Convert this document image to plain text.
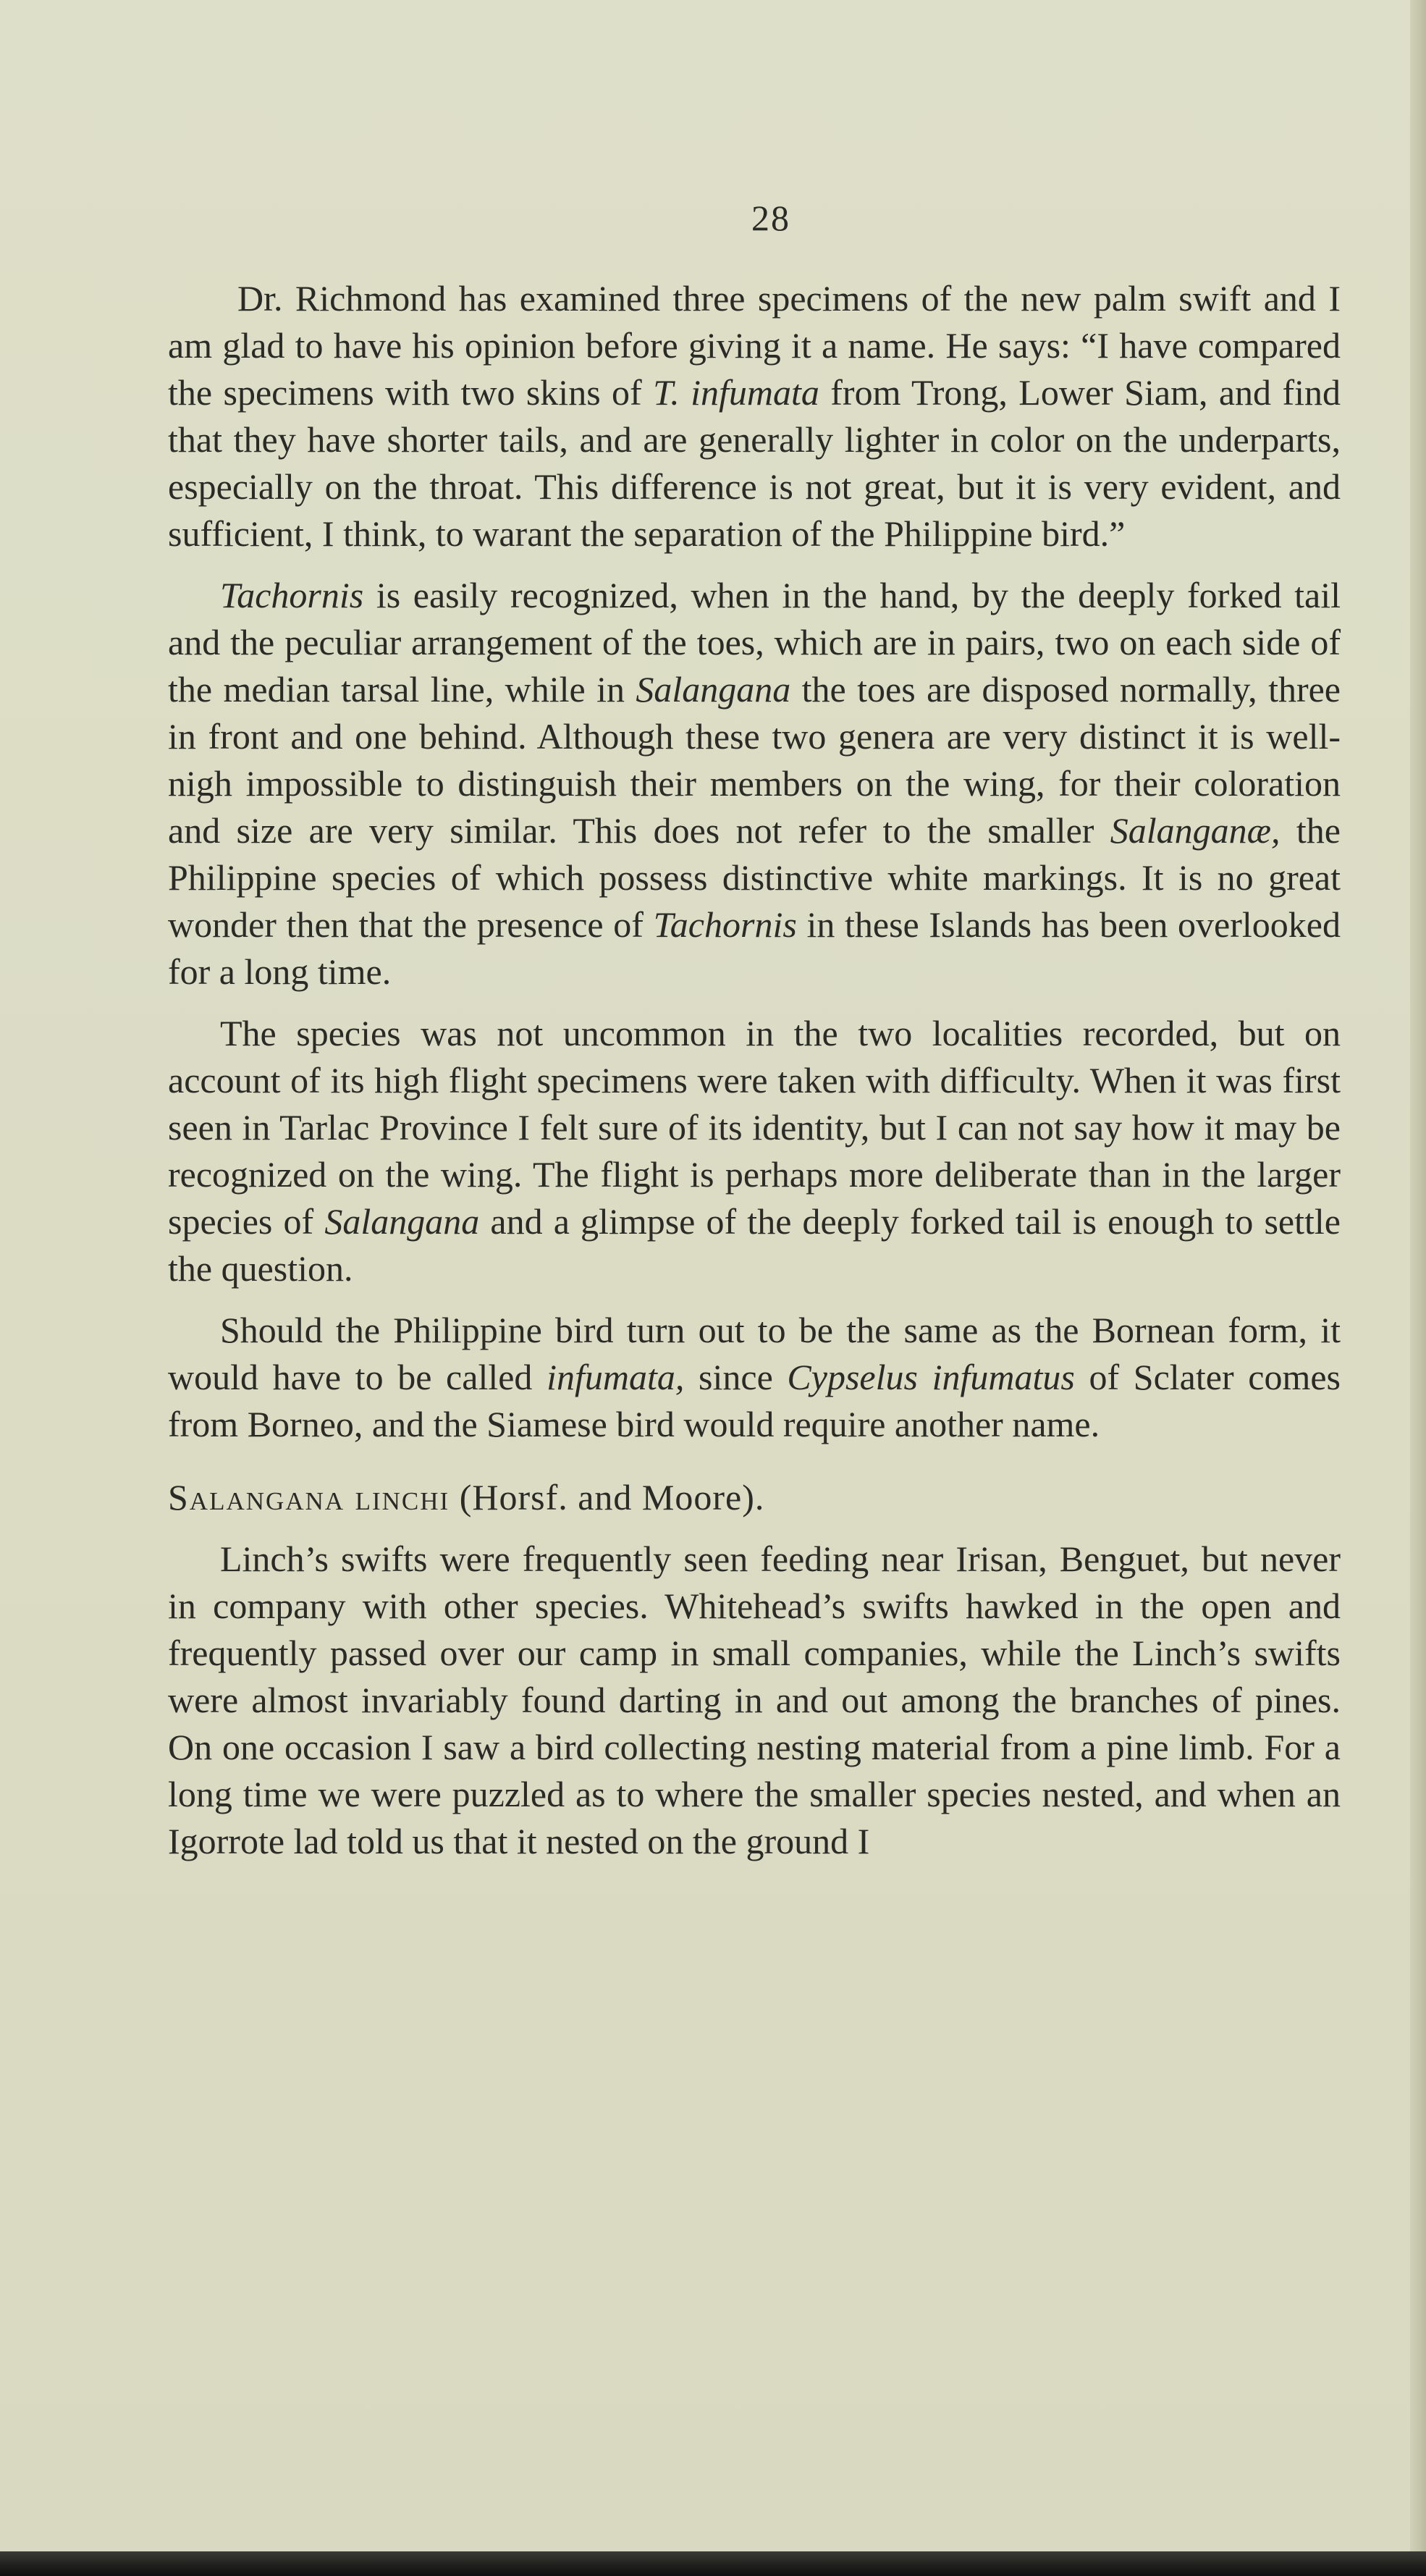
28

Dr. Richmond has examined three specimens of the new palm swift and I am glad to have his opinion before giving it a name. He says: “I have compared the specimens with two skins of T. infumata from Trong, Lower Siam, and find that they have shorter tails, and are generally lighter in color on the underparts, especially on the throat. This difference is not great, but it is very evident, and sufficient, I think, to warant the separation of the Philippine bird.”

Tachornis is easily recognized, when in the hand, by the deeply forked tail and the peculiar arrangement of the toes, which are in pairs, two on each side of the median tarsal line, while in Salangana the toes are disposed normally, three in front and one behind. Although these two genera are very distinct it is well-nigh impossible to distinguish their members on the wing, for their coloration and size are very similar. This does not refer to the smaller Salanganæ, the Philippine species of which possess distinctive white markings. It is no great wonder then that the presence of Tachornis in these Islands has been overlooked for a long time.

The species was not uncommon in the two localities recorded, but on account of its high flight specimens were taken with difficulty. When it was first seen in Tarlac Province I felt sure of its identity, but I can not say how it may be recognized on the wing. The flight is perhaps more deliberate than in the larger species of Salangana and a glimpse of the deeply forked tail is enough to settle the question.

Should the Philippine bird turn out to be the same as the Bornean form, it would have to be called infumata, since Cypselus infumatus of Sclater comes from Borneo, and the Siamese bird would require another name.

Salangana linchi (Horsf. and Moore).

Linch’s swifts were frequently seen feeding near Irisan, Benguet, but never in company with other species. Whitehead’s swifts hawked in the open and frequently passed over our camp in small companies, while the Linch’s swifts were almost invariably found darting in and out among the branches of pines. On one occasion I saw a bird collecting nesting material from a pine limb. For a long time we were puzzled as to where the smaller species nested, and when an Igorrote lad told us that it nested on the ground I
